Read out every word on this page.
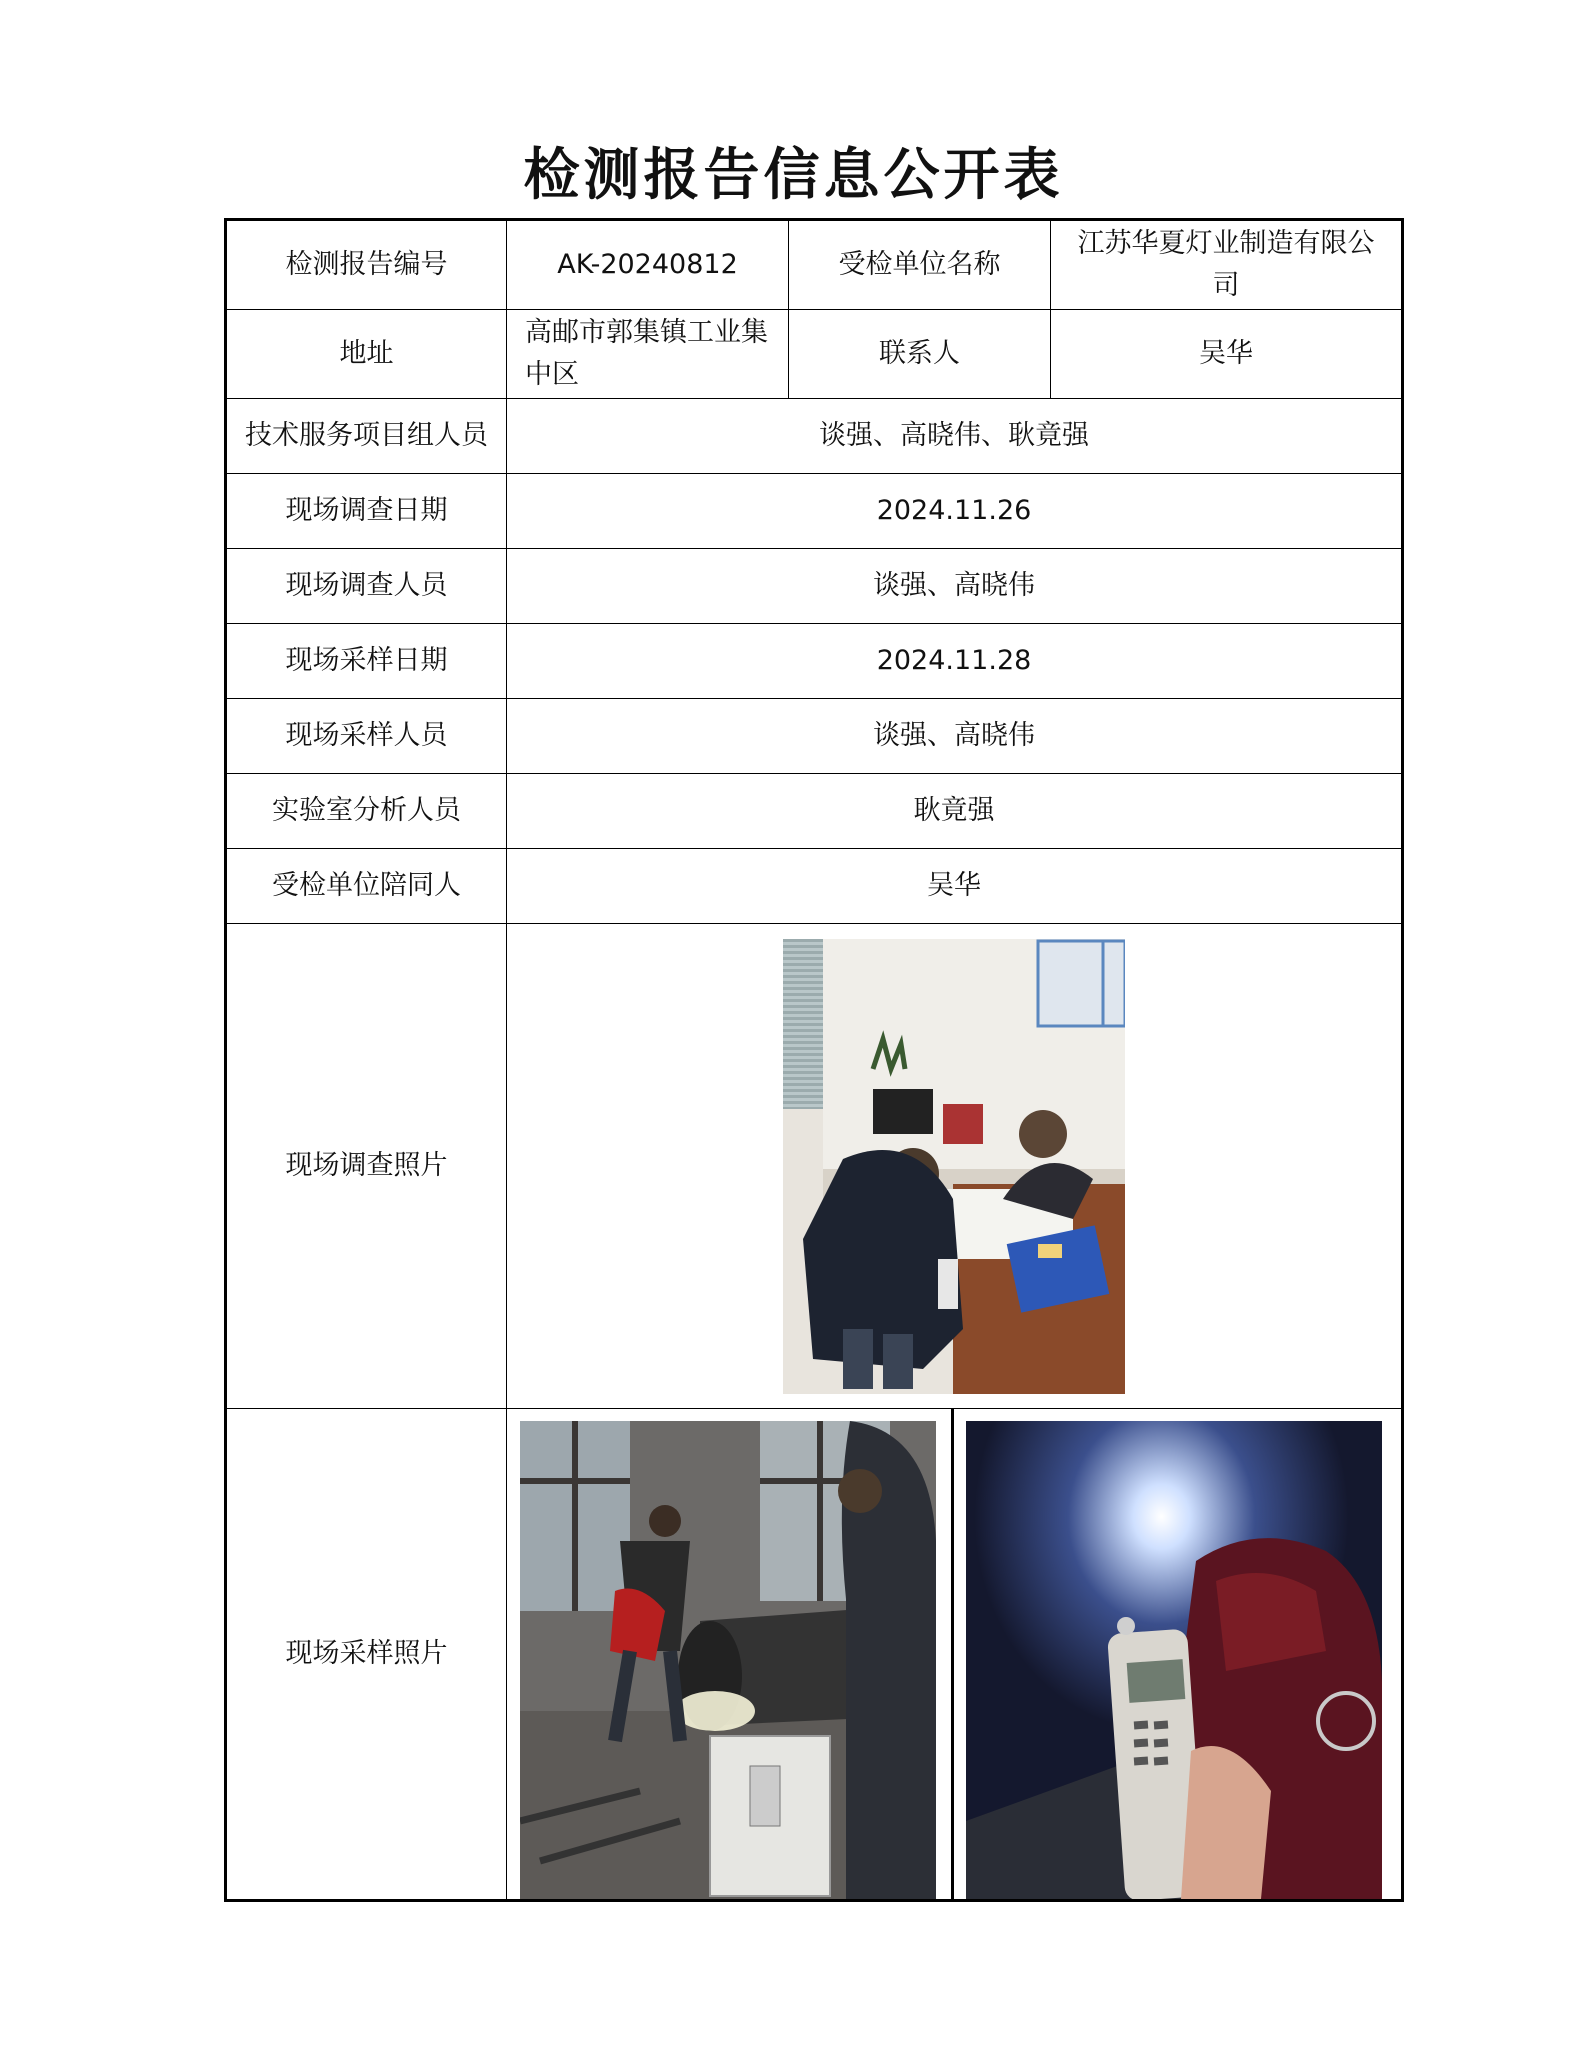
检测报告信息公开表
检测报告编号	AK-20240812	受检单位名称	江苏华夏灯业制造有限公司
地址	高邮市郭集镇工业集中区	联系人	吴华
技术服务项目组人员	谈强、高晓伟、耿竟强		
现场调查日期	2024.11.26		
现场调查人员	谈强、高晓伟		
现场采样日期	2024.11.28		
现场采样人员	谈强、高晓伟		
实验室分析人员	耿竟强		
受检单位陪同人	吴华		
现场调查照片	

现场采样照片	
